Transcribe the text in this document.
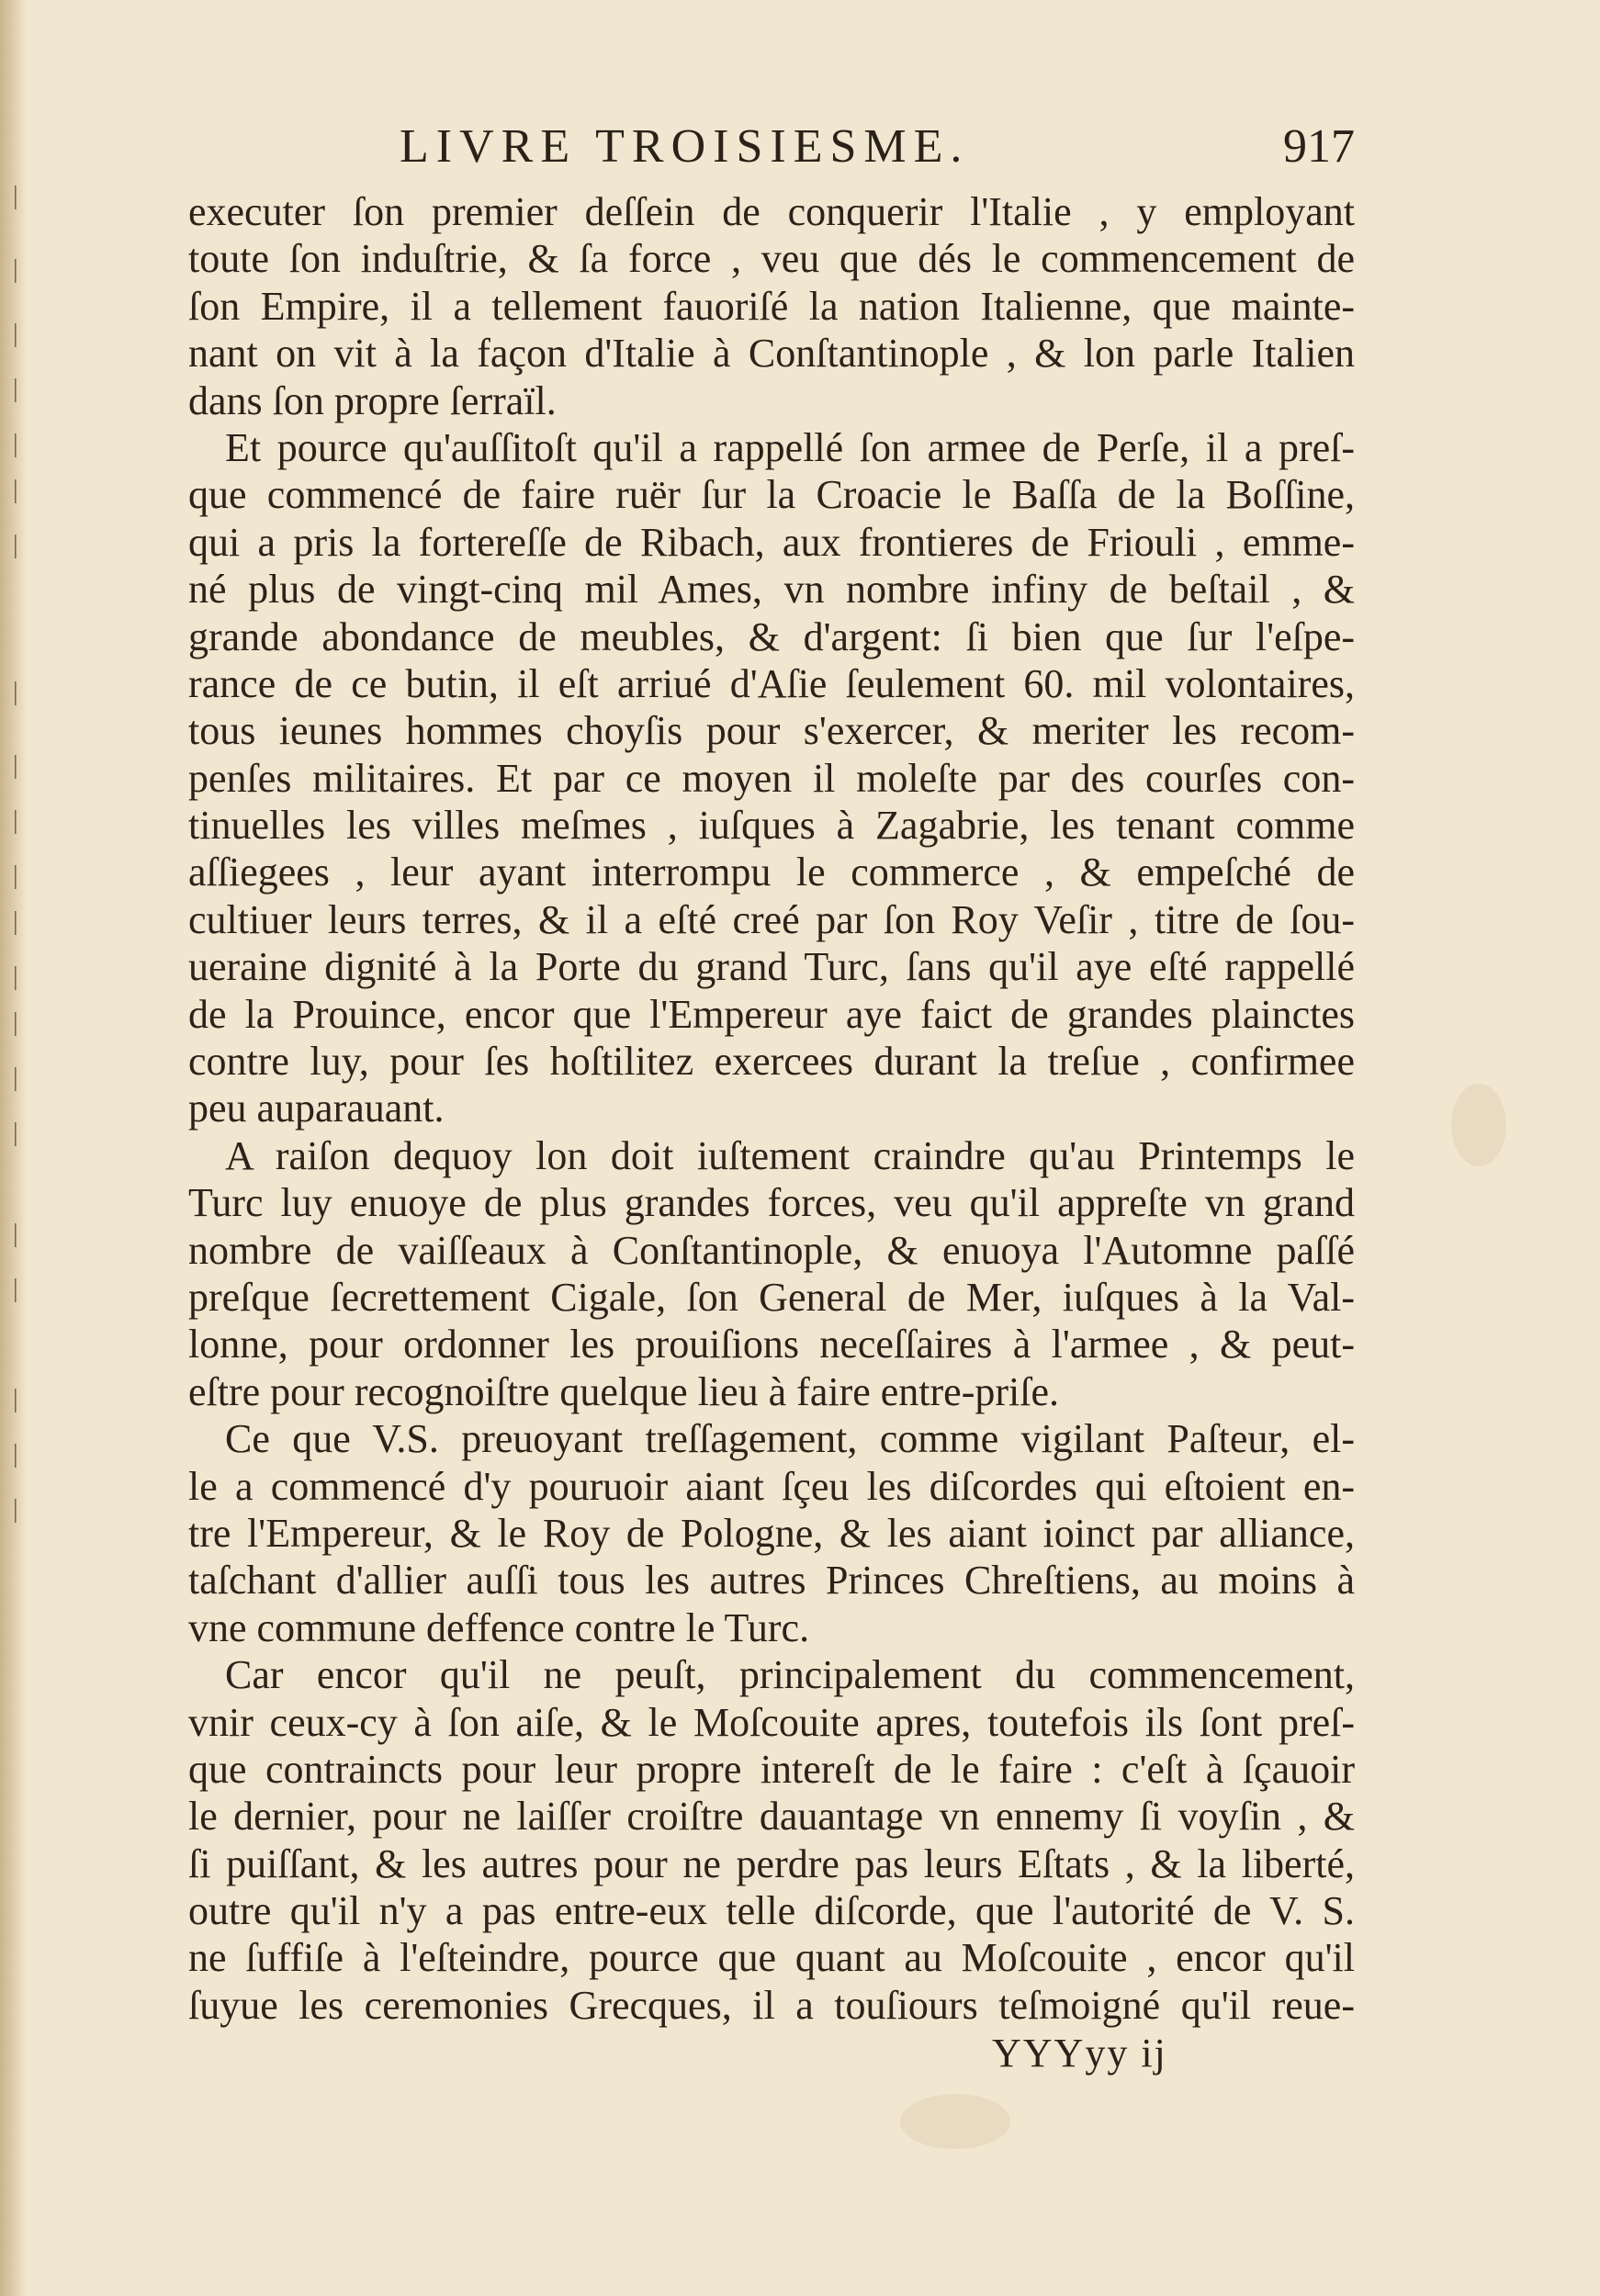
|
|
|
|
|
|
|
|
|
|
|
|
|
|
|
|
|
|
|
|
|
LIVRE TROISIESME.	917
executer ſon premier deſſein de conquerir l'Italie , y employant
toute ſon induſtrie, & ſa force , veu que dés le commencement de
ſon Empire, il a tellement fauoriſé la nation Italienne, que mainte-
nant on vit à la façon d'Italie à Conſtantinople , & lon parle Italien
dans ſon propre ſerraïl.
Et pource qu'auſſitoſt qu'il a rappellé ſon armee de Perſe, il a preſ-
que commencé de faire ruër ſur la Croacie le Baſſa de la Boſſine,
qui a pris la fortereſſe de Ribach, aux frontieres de Friouli , emme-
né plus de vingt-cinq mil Ames, vn nombre infiny de beſtail , &
grande abondance de meubles, & d'argent: ſi bien que ſur l'eſpe-
rance de ce butin, il eſt arriué d'Aſie ſeulement 60. mil volontaires,
tous ieunes hommes choyſis pour s'exercer, & meriter les recom-
penſes militaires. Et par ce moyen il moleſte par des courſes con-
tinuelles les villes meſmes , iuſques à Zagabrie, les tenant comme
aſſiegees , leur ayant interrompu le commerce , & empeſché de
cultiuer leurs terres, & il a eſté creé par ſon Roy Veſir , titre de ſou-
ueraine dignité à la Porte du grand Turc, ſans qu'il aye eſté rappellé
de la Prouince, encor que l'Empereur aye faict de grandes plainctes
contre luy, pour ſes hoſtilitez exercees durant la treſue , confirmee
peu auparauant.
A raiſon dequoy lon doit iuſtement craindre qu'au Printemps le
Turc luy enuoye de plus grandes forces, veu qu'il appreſte vn grand
nombre de vaiſſeaux à Conſtantinople, & enuoya l'Automne paſſé
preſque ſecrettement Cigale, ſon General de Mer, iuſques à la Val-
lonne, pour ordonner les prouiſions neceſſaires à l'armee , & peut-
eſtre pour recognoiſtre quelque lieu à faire entre-priſe.
Ce que V.S. preuoyant treſſagement, comme vigilant Paſteur, el-
le a commencé d'y pouruoir aiant ſçeu les diſcordes qui eſtoient en-
tre l'Empereur, & le Roy de Pologne, & les aiant ioinct par alliance,
taſchant d'allier auſſi tous les autres Princes Chreſtiens, au moins à
vne commune deffence contre le Turc.
Car encor qu'il ne peuſt, principalement du commencement,
vnir ceux-cy à ſon aiſe, & le Moſcouite apres, toutefois ils ſont preſ-
que contraincts pour leur propre intereſt de le faire : c'eſt à ſçauoir
le dernier, pour ne laiſſer croiſtre dauantage vn ennemy ſi voyſin , &
ſi puiſſant, & les autres pour ne perdre pas leurs Eſtats , & la liberté,
outre qu'il n'y a pas entre-eux telle diſcorde, que l'autorité de V. S.
ne ſuffiſe à l'eſteindre, pource que quant au Moſcouite , encor qu'il
ſuyue les ceremonies Grecques, il a touſiours teſmoigné qu'il reue-
YYYyy ij
